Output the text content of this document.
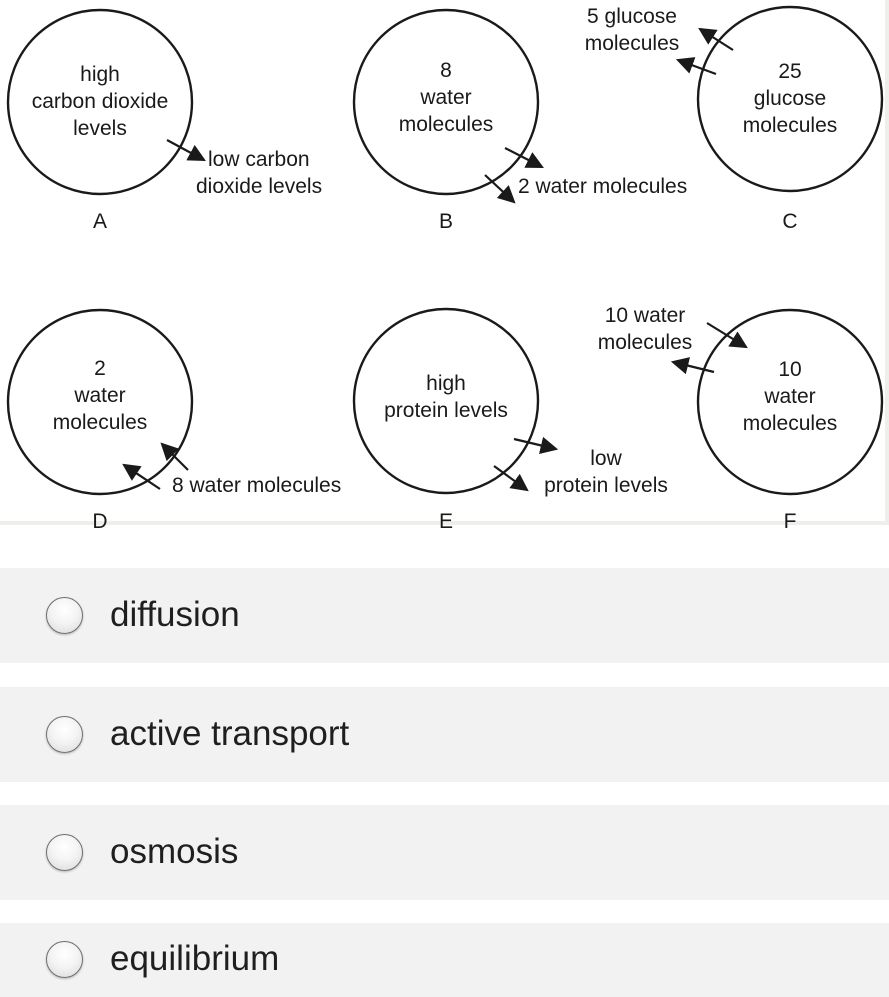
high
carbon dioxide
levels
low carbon
dioxide levels
A
8
water
molecules
2 water molecules
B
25
glucose
molecules
5 glucose
molecules
C
2
water
molecules
8 water molecules
D
high
protein levels
low
protein levels
E
10
water
molecules
10 water
molecules
F
diffusion
active transport
osmosis
equilibrium
